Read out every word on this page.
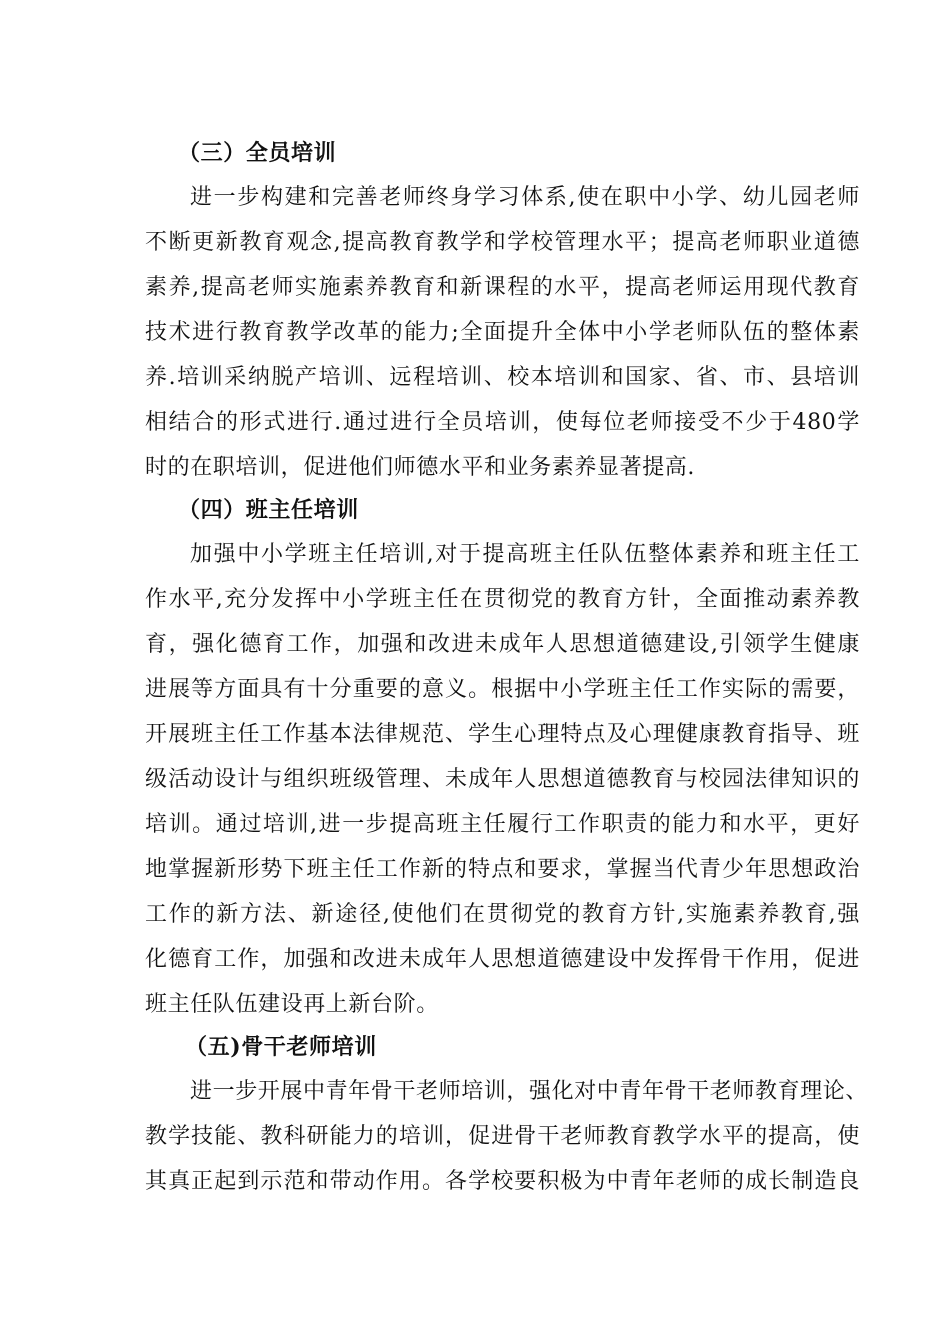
（三）全员培训
进一步构建和完善老师终身学习体系,使在职中小学、幼儿园老师
不断更新教育观念,提高教育教学和学校管理水平；提高老师职业道德
素养,提高老师实施素养教育和新课程的水平，提高老师运用现代教育
技术进行教育教学改革的能力;全面提升全体中小学老师队伍的整体素
养.培训采纳脱产培训、远程培训、校本培训和国家、省、市、县培训
相结合的形式进行.通过进行全员培训，使每位老师接受不少于480学
时的在职培训，促进他们师德水平和业务素养显著提高.
（四）班主任培训
加强中小学班主任培训,对于提高班主任队伍整体素养和班主任工
作水平,充分发挥中小学班主任在贯彻党的教育方针，全面推动素养教
育，强化德育工作，加强和改进未成年人思想道德建设,引领学生健康
进展等方面具有十分重要的意义。根据中小学班主任工作实际的需要，
开展班主任工作基本法律规范、学生心理特点及心理健康教育指导、班
级活动设计与组织班级管理、未成年人思想道德教育与校园法律知识的
培训。通过培训,进一步提高班主任履行工作职责的能力和水平，更好
地掌握新形势下班主任工作新的特点和要求，掌握当代青少年思想政治
工作的新方法、新途径,使他们在贯彻党的教育方针,实施素养教育,强
化德育工作，加强和改进未成年人思想道德建设中发挥骨干作用，促进
班主任队伍建设再上新台阶。
（五)骨干老师培训
进一步开展中青年骨干老师培训，强化对中青年骨干老师教育理论、
教学技能、教科研能力的培训，促进骨干老师教育教学水平的提高，使
其真正起到示范和带动作用。各学校要积极为中青年老师的成长制造良
